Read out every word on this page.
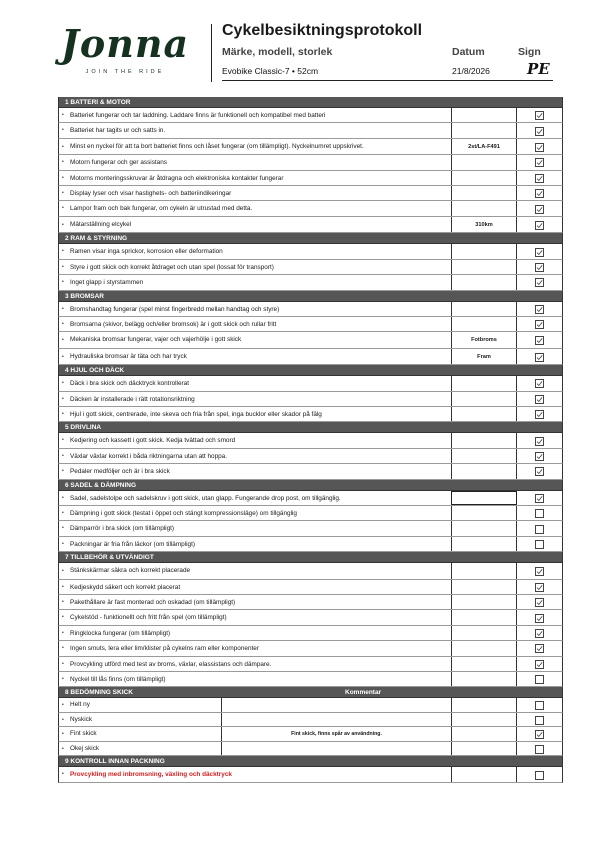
Jonna
JOIN THE RIDE
Cykelbesiktningsprotokoll
Märke, modell, storlek	Datum	Sign
Evobike Classic-7 • 52cm	21/8/2026 PE
1 BATTERI & MOTOR
• Batteriet fungerar och tar laddning. Laddare finns är funktionell och kompatibel med batteri
• Batteriet har tagits ur och satts in.
• Minst en nyckel för att ta bort batteriet finns och låset fungerar (om tillämpligt). Nyckelnumret uppskrivet.	2st/LA-F491
• Motorn fungerar och ger assistans
• Motorns monteringsskruvar är åtdragna och elektroniska kontakter fungerar
• Display lyser och visar hastighets- och batteriindikeringar
• Lampor fram och bak fungerar, om cykeln är utrustad med detta.
• Mätarställning elcykel	310km
2 RAM & STYRNING
• Ramen visar inga sprickor, korrosion eller deformation
• Styre i gott skick och korrekt åtdraget och utan spel (lossat för transport)
• Inget glapp i styrstammen
3 BROMSAR
• Bromshandtag fungerar (spel minst fingerbredd mellan handtag och styre)
• Bromsarna (skivor, belägg och/eller bromsok) är i gott skick och rullar fritt
• Mekaniska bromsar fungerar, vajer och vajerhölje i gott skick	Fotbroms
• Hydrauliska bromsar är täta och har tryck	Fram
4 HJUL OCH DÄCK
• Däck i bra skick och däcktryck kontrollerat
• Däcken är installerade i rätt rotationsriktning
• Hjul i gott skick, centrerade, inte skeva och fria från spel, inga bucklor eller skador på fälg
5 DRIVLINA
• Kedjering och kassett i gott skick. Kedja tvättad och smord
• Växlar växlar korrekt i båda riktningarna utan att hoppa.
• Pedaler medföljer och är i bra skick
6 SADEL & DÄMPNING
• Sadel, sadelstolpe och sadelskruv i gott skick, utan glapp. Fungerande drop post, om tillgänglig.
• Dämpning i gott skick (testat i öppet och stängt kompressionsläge) om tillgänglig
• Dämparrör i bra skick (om tillämpligt)
• Packningar är fria från läckor (om tillämpligt)
7 TILLBEHÖR & UTVÄNDIGT
• Stänkskärmar säkra och korrekt placerade
• Kedjeskydd säkert och korrekt placerat
• Pakethållare är fast monterad och oskadad (om tillämpligt)
• Cykelstöd - funktionellt och fritt från spel (om tillämpligt)
• Ringklocka fungerar (om tillämpligt)
• Ingen smuts, lera eller lim/klister på cykelns ram eller komponenter
• Provcykling utförd med test av broms, växlar, elassistans och dämpare.
• Nyckel till lås finns (om tillämpligt)
8 BEDÖMNING SKICK	Kommentar
• Helt ny
• Nyskick
• Fint skick	Fint skick, finns spår av användning.
• Okej skick
9 KONTROLL INNAN PACKNING
• Provcykling med inbromsning, växling och däcktryck
